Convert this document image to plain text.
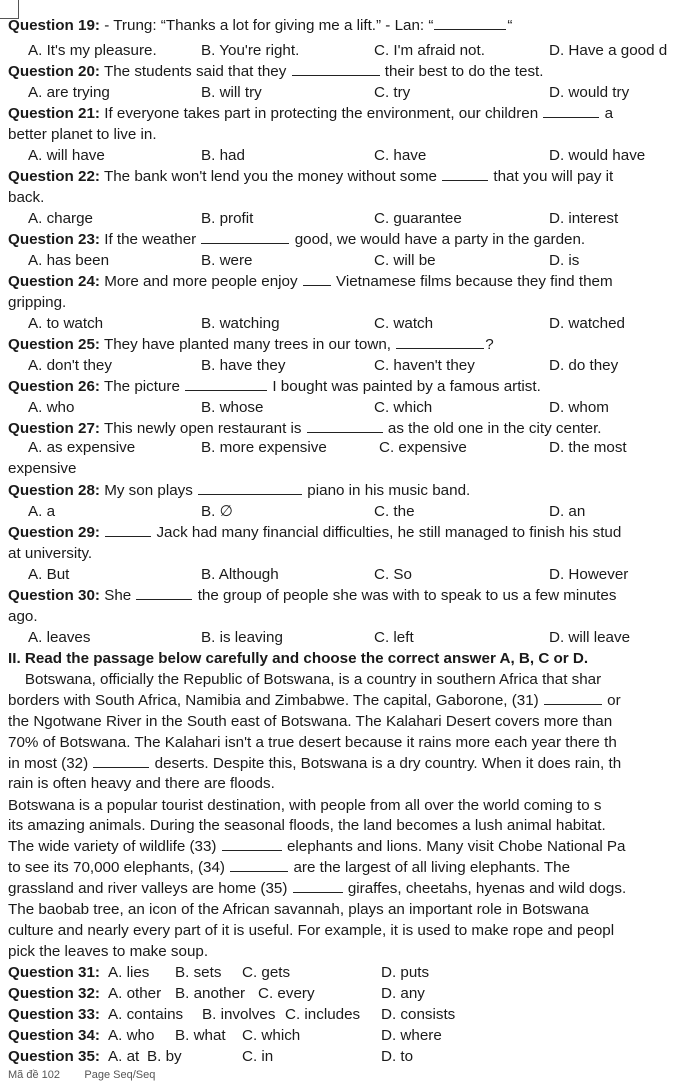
Question 19: - Trung: “Thanks a lot for giving me a lift.” - Lan: “	“
A. It's my pleasure.	B. You're right.	C. I'm afraid not.	D. Have a good d
Question 20: The students said that they	their best to do the test.
A. are trying	B. will try	C. try	D. would try
Question 21: If everyone takes part in protecting the environment, our children	a
better planet to live in.
A. will have	B. had	C. have	D. would have
Question 22: The bank won't lend you the money without some	that you will pay it
back.
A. charge	B. profit	C. guarantee	D. interest
Question 23: If the weather	good, we would have a party in the garden.
A. has been	B. were	C. will be	D. is
Question 24: More and more people enjoy  Vietnamese films because they find them
gripping.
A. to watch	B. watching	C. watch	D. watched
Question 25: They have planted many trees in our town,	?
A. don't they	B. have they	C. haven't they	D. do they
Question 26: The picture	I bought was painted by a famous artist.
A. who	B. whose	C. which	D. whom
Question 27: This newly open restaurant is	as the old one in the city center.
A. as expensive	B. more expensive	C. expensive	D. the most
expensive
Question 28: My son plays	piano in his music band.
A. a	B. ∅	C. the	D. an
Question 29:	Jack had many financial difficulties, he still managed to finish his stud
at university.
A. But	B. Although	C. So	D. However
Question 30: She	the group of people she was with to speak to us a few minutes
ago.
A. leaves	B. is leaving	C. left	D. will leave
II. Read the passage below carefully and choose the correct answer A, B, C or D.
Botswana, officially the Republic of Botswana, is a country in southern Africa that shar
borders with South Africa, Namibia and Zimbabwe. The capital, Gaborone, (31)	or
the Ngotwane River in the South east of Botswana. The Kalahari Desert covers more than
70% of Botswana. The Kalahari isn't a true desert because it rains more each year there th
in most (32)	deserts. Despite this, Botswana is a dry country. When it does rain, th
rain is often heavy and there are floods.
Botswana is a popular tourist destination, with people from all over the world coming to s
its amazing animals. During the seasonal floods, the land becomes a lush animal habitat.
The wide variety of wildlife (33)	elephants and lions. Many visit Chobe National Pa
to see its 70,000 elephants, (34)	are the largest of all living elephants. The
grassland and river valleys are home (35)	giraffes, cheetahs, hyenas and wild dogs.
The baobab tree, an icon of the African savannah, plays an important role in Botswana
culture and nearly every part of it is useful. For example, it is used to make rope and peopl
pick the leaves to make soup.
Question 31: A. lies B. sets C. gets	D. puts
Question 32: A. other B. another C. every	D. any
Question 33: A. contains B. involves C. includes D. consists
Question 34: A. who B. what C. which	D. where
Question 35: A. at B. by	C. in	D. to
Mã đề 102        Page Seq/Seq
